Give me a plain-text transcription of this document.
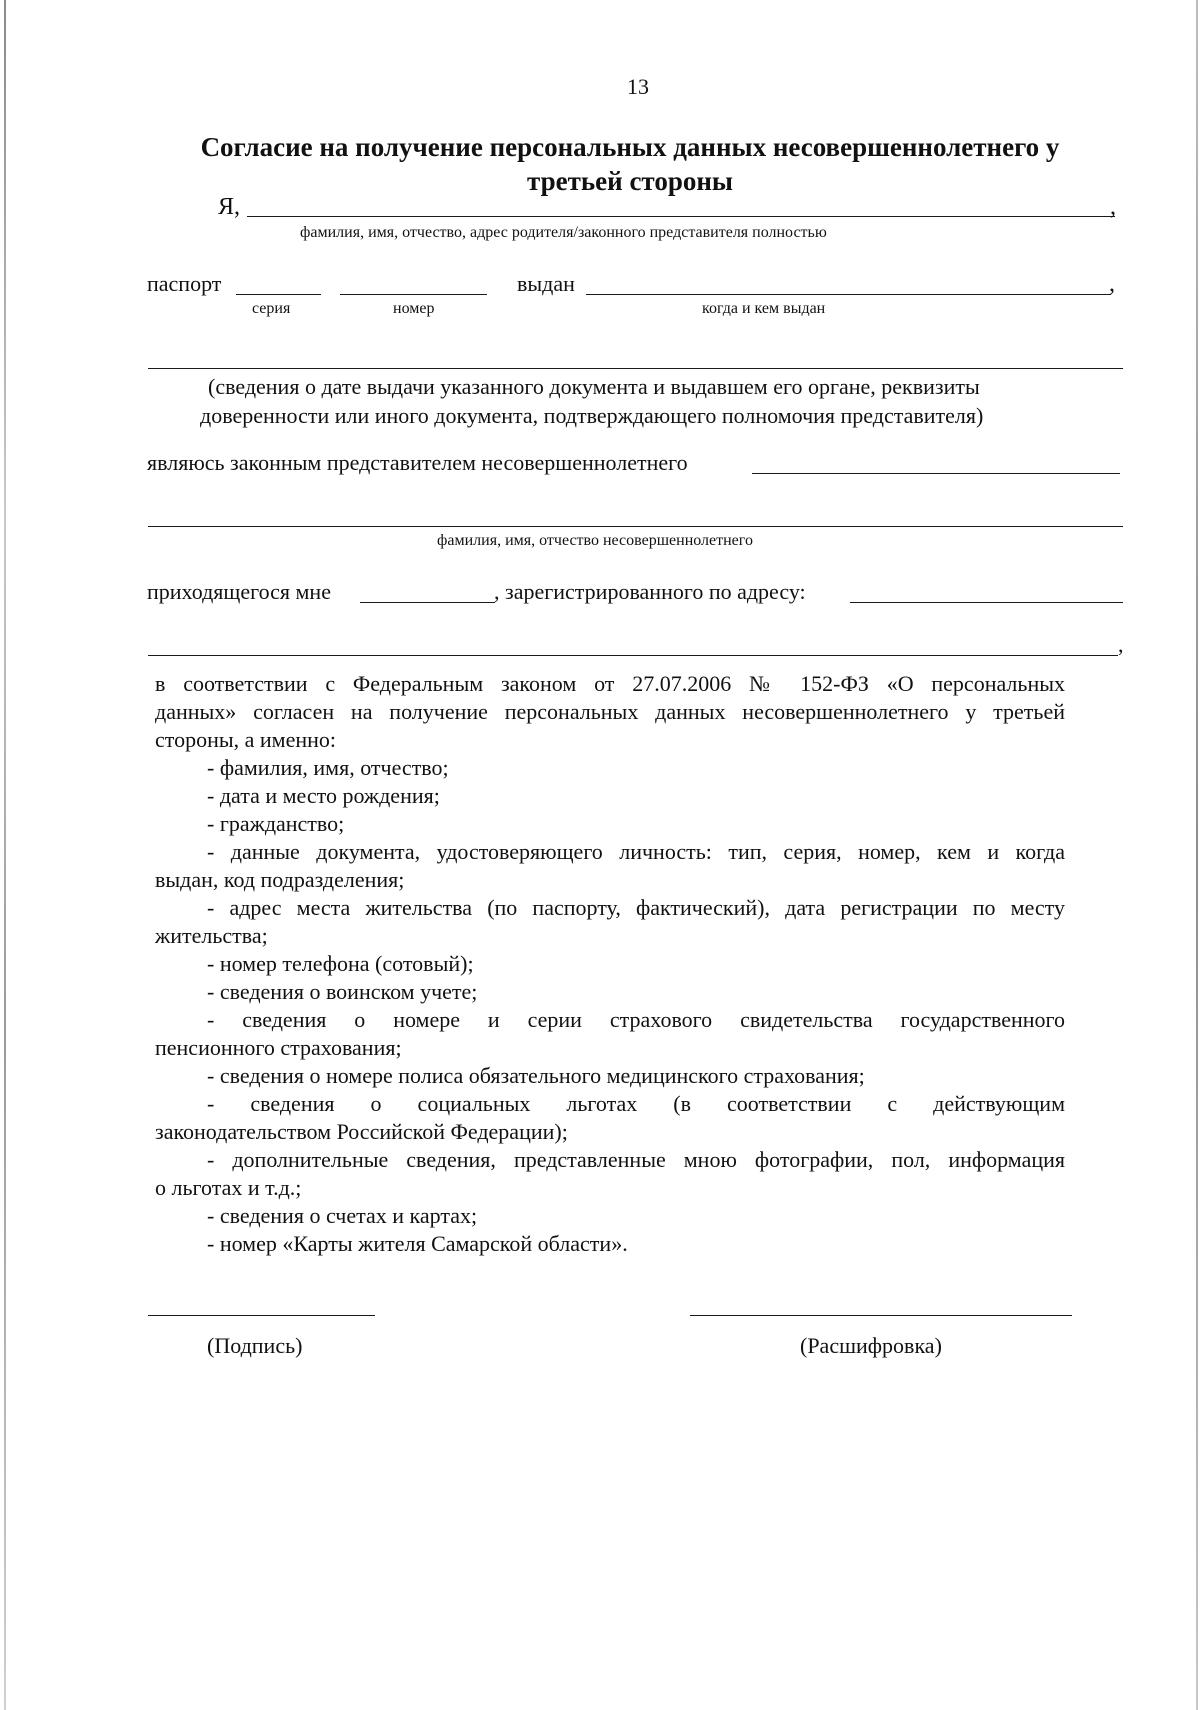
13
Согласие на получение персональных данных несовершеннолетнего у
третьей стороны
Я,	,
фамилия, имя, отчество, адрес родителя/законного представителя полностью
паспорт	выдан	,
серия	номер	когда и кем выдан
(сведения о дате выдачи указанного документа и выдавшем его органе, реквизиты
доверенности или иного документа, подтверждающего полномочия представителя)
являюсь законным представителем несовершеннолетнего
фамилия, имя, отчество несовершеннолетнего
приходящегося мне	, зарегистрированного по адресу:
,
в соответствии с Федеральным законом от 27.07.2006 № 152-ФЗ «О персональных
данных» согласен на получение персональных данных несовершеннолетнего у третьей
стороны, а именно:
- фамилия, имя, отчество;
- дата и место рождения;
- гражданство;
- данные документа, удостоверяющего личность: тип, серия, номер, кем и когда
выдан, код подразделения;
- адрес места жительства (по паспорту, фактический), дата регистрации по месту
жительства;
- номер телефона (сотовый);
- сведения о воинском учете;
- сведения о номере и серии страхового свидетельства государственного
пенсионного страхования;
- сведения о номере полиса обязательного медицинского страхования;
- сведения о социальных льготах (в соответствии с действующим
законодательством Российской Федерации);
- дополнительные сведения, представленные мною фотографии, пол, информация
о льготах и т.д.;
- сведения о счетах и картах;
- номер «Карты жителя Самарской области».
(Подпись)	(Расшифровка)
